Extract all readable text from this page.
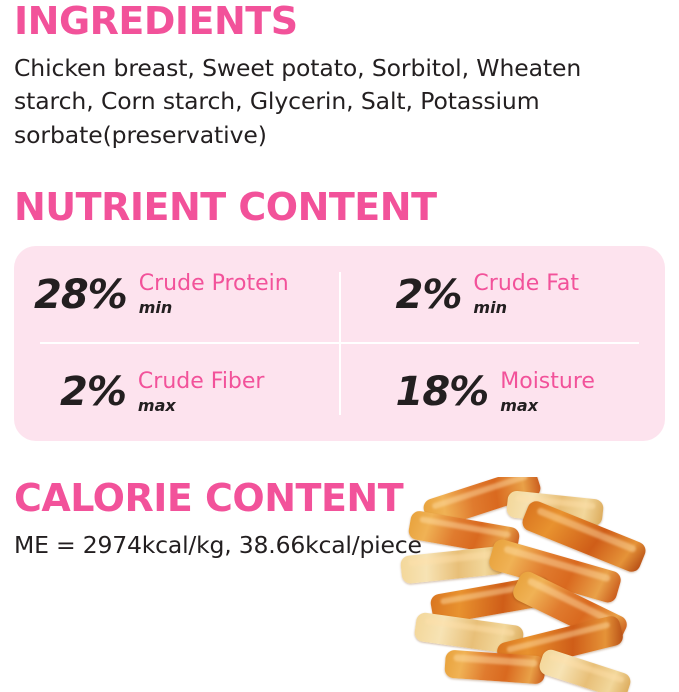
INGREDIENTS

Chicken breast, Sweet potato, Sorbitol, Wheaten starch, Corn starch, Glycerin, Salt, Potassium sorbate(preservative)

NUTRIENT CONTENT
28% Crude Protein
min	2% Crude Fat
min
2% Crude Fiber
max	18% Moisture
max
CALORIE CONTENT

ME = 2974kcal/kg, 38.66kcal/piece
